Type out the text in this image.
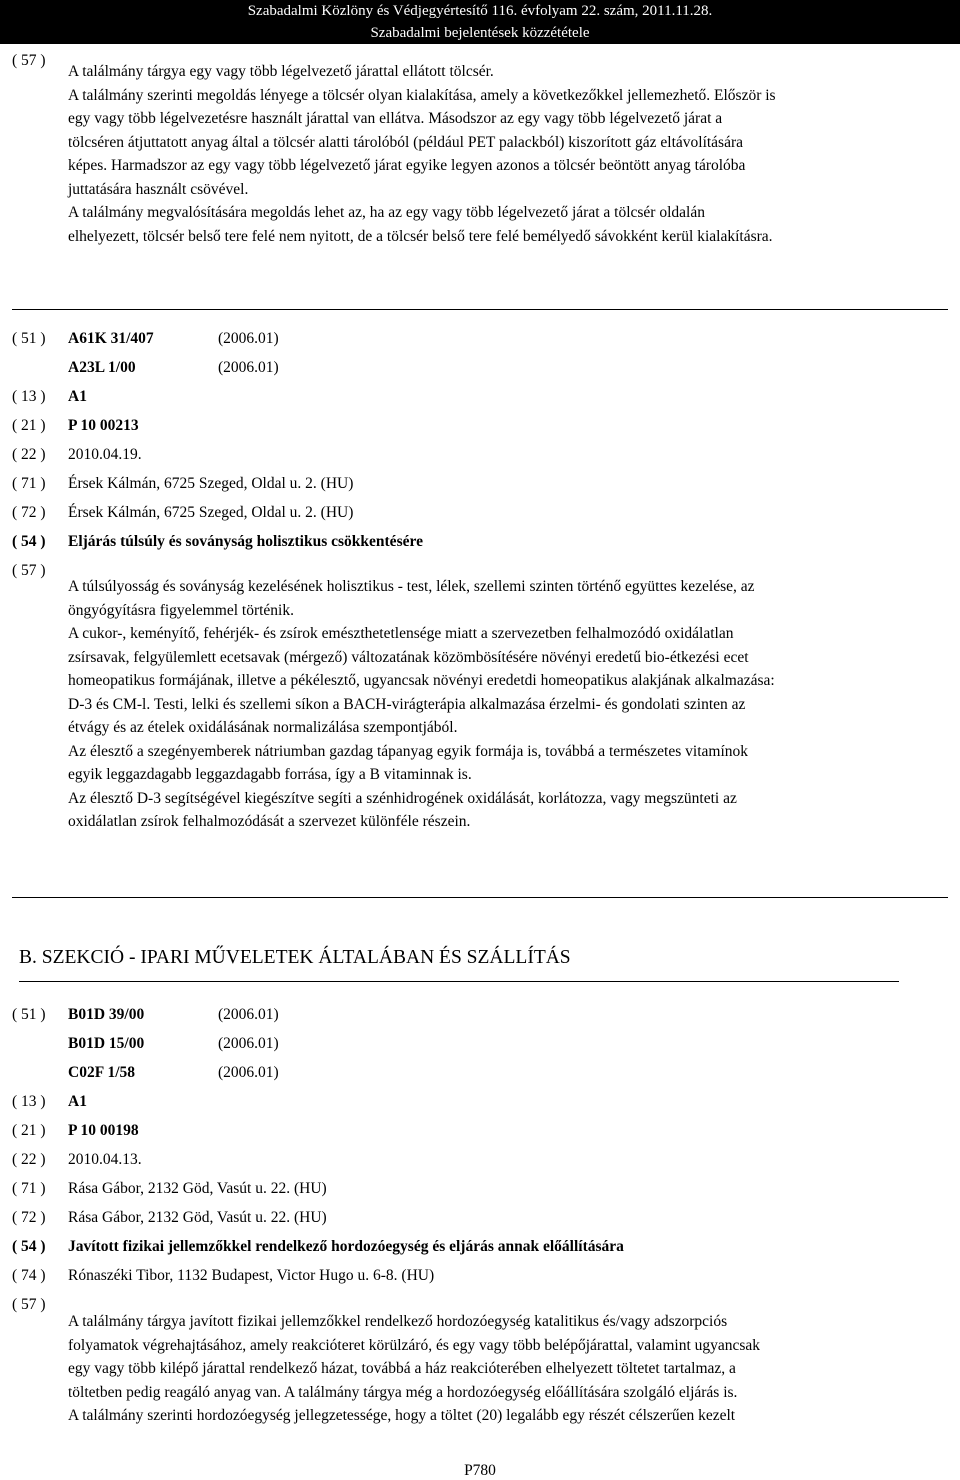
Szabadalmi Közlöny és Védjegyértesítő 116. évfolyam 22. szám, 2011.11.28.
Szabadalmi bejelentések közzététele
( 57 )
A találmány tárgya egy vagy több légelvezető járattal ellátott tölcsér.
A találmány szerinti megoldás lényege a tölcsér olyan kialakítása, amely a következőkkel jellemezhető. Először is
egy vagy több légelvezetésre használt járattal van ellátva. Másodszor az egy vagy több légelvezető járat a
tölcséren átjuttatott anyag által a tölcsér alatti tárolóból (például PET palackból) kiszorított gáz eltávolítására
képes. Harmadszor az egy vagy több légelvezető járat egyike legyen azonos a tölcsér beöntött anyag tárolóba
juttatására használt csövével.
A találmány megvalósítására megoldás lehet az, ha az egy vagy több légelvezető járat a tölcsér oldalán
elhelyezett, tölcsér belső tere felé nem nyitott, de a tölcsér belső tere felé bemélyedő sávokként kerül kialakításra.
( 51 ) A61K 31/407	(2006.01)
A23L 1/00	(2006.01)
( 13 ) A1
( 21 ) P 10 00213
( 22 ) 2010.04.19.
( 71 ) Érsek Kálmán, 6725 Szeged, Oldal u. 2. (HU)
( 72 ) Érsek Kálmán, 6725 Szeged, Oldal u. 2. (HU)
( 54 ) Eljárás túlsúly és soványság holisztikus csökkentésére
( 57 )
A túlsúlyosság és soványság kezelésének holisztikus - test, lélek, szellemi szinten történő együttes kezelése, az
öngyógyításra figyelemmel történik.
A cukor-, keményítő, fehérjék- és zsírok emészthetetlensége miatt a szervezetben felhalmozódó oxidálatlan
zsírsavak, felgyülemlett ecetsavak (mérgező) változatának közömbösítésére növényi eredetű bio-étkezési ecet
homeopatikus formájának, illetve a pékélesztő, ugyancsak növényi eredetdi homeopatikus alakjának alkalmazása:
D-3 és CM-l. Testi, lelki és szellemi síkon a BACH-virágterápia alkalmazása érzelmi- és gondolati szinten az
étvágy és az ételek oxidálásának normalizálása szempontjából.
Az élesztő a szegényemberek nátriumban gazdag tápanyag egyik formája is, továbbá a természetes vitamínok
egyik leggazdagabb leggazdagabb forrása, így a B vitaminnak is.
Az élesztő D-3 segítségével kiegészítve segíti a szénhidrogének oxidálását, korlátozza, vagy megszünteti az
oxidálatlan zsírok felhalmozódását a szervezet különféle részein.
B. SZEKCIÓ - IPARI MŰVELETEK ÁLTALÁBAN ÉS SZÁLLÍTÁS
( 51 ) B01D 39/00	(2006.01)
B01D 15/00	(2006.01)
C02F 1/58	(2006.01)
( 13 ) A1
( 21 ) P 10 00198
( 22 ) 2010.04.13.
( 71 ) Rása Gábor, 2132 Göd, Vasút u. 22. (HU)
( 72 ) Rása Gábor, 2132 Göd, Vasút u. 22. (HU)
( 54 ) Javított fizikai jellemzőkkel rendelkező hordozóegység és eljárás annak előállítására
( 74 ) Rónaszéki Tibor, 1132 Budapest, Victor Hugo u. 6-8. (HU)
( 57 )
A találmány tárgya javított fizikai jellemzőkkel rendelkező hordozóegység katalitikus és/vagy adszorpciós
folyamatok végrehajtásához, amely reakcióteret körülzáró, és egy vagy több belépőjárattal, valamint ugyancsak
egy vagy több kilépő járattal rendelkező házat, továbbá a ház reakcióterében elhelyezett töltetet tartalmaz, a
töltetben pedig reagáló anyag van. A találmány tárgya még a hordozóegység előállítására szolgáló eljárás is.
A találmány szerinti hordozóegység jellegzetessége, hogy a töltet (20) legalább egy részét célszerűen kezelt
P780
